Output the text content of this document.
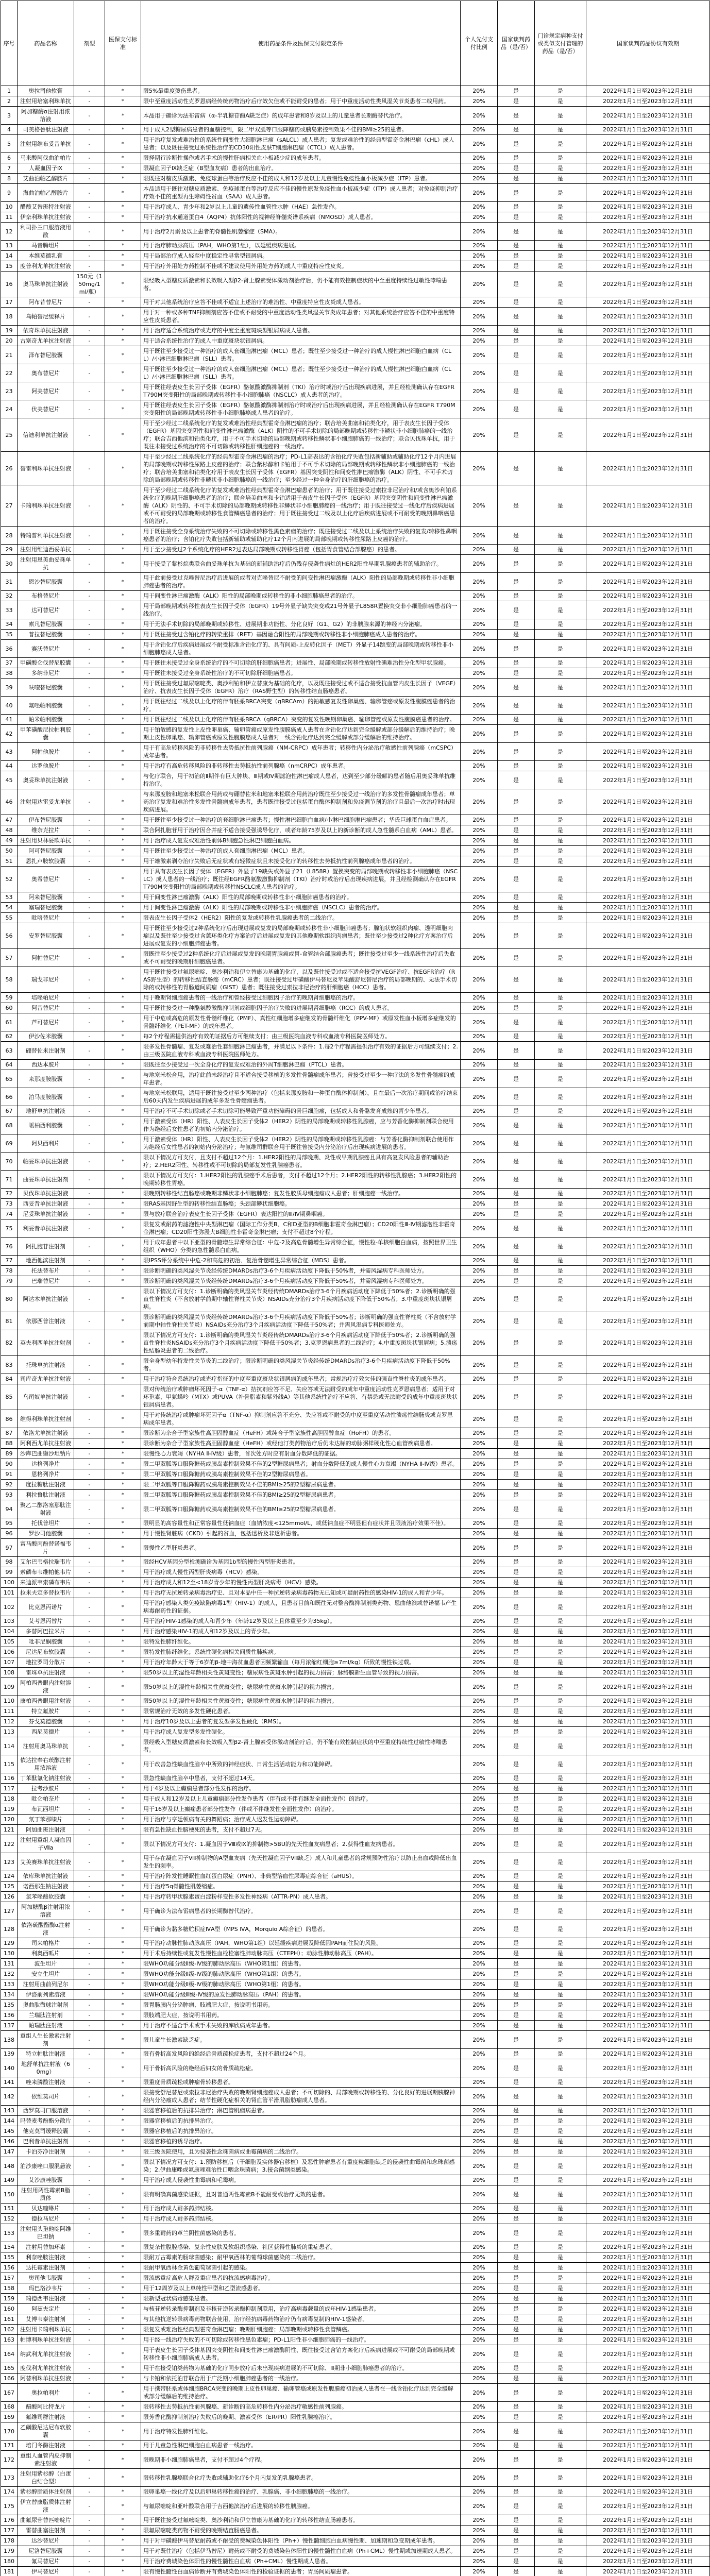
序号	药品名称	剂型	医保支付标准	使用药品条件及医保支付限定条件	个人先付支付比例	国家谈判药品（是/否）	门诊规定病种支付或类似支付管理的药品（是/否）	国家谈判药品协议有效期
1	奥拉司他软膏	-	*	限5%最重度烫伤患者。	20%	是	是	2022年1月1日至2023年12月31日
2	注射用培塞利珠单抗	-	*	限中至重度活动性克罗恩病经传统药物治疗后疗效欠佳或不能耐受的患者；用于中重度活动性类风湿关节炎患者二线用药。	20%	是	是	2022年1月1日至2023年12月31日
3	阿加糖酶α注射用浓溶液	-	*	本品用于确诊为法布雷病（α-半乳糖苷酶A缺乏症）的成年患者和8岁及以上的儿童患者长期酶替代治疗。	20%	是	是	2022年1月1日至2023年12月31日
4	司美格鲁肽注射液	-	*	用于成人2型糖尿病患者的血糖控制，限二甲双胍等口服降糖药或胰岛素控制效果不佳的BMI≥25的患者。	20%	是	是	2022年1月1日至2023年12月31日
5	注射用维布妥昔单抗	-	*	用于治疗复发或难治性的系统性间变性大细胞淋巴瘤（sALCL）成人患者；复发或难治性的经典型霍奇金淋巴瘤（cHL）成人患者；以及既往接受过系统性治疗的CD30阳性皮肤T细胞淋巴瘤（CTCL）成人患者。	20%	是	是	2022年1月1日至2023年12月31日
6	马来酸阿伐曲泊帕片	-	*	限择期行诊断性操作或者手术的慢性肝病相关血小板减少症的成年患者。	20%	是	是	2022年1月1日至2023年12月31日
7	人凝血因子Ⅸ	-	*	限凝血因子Ⅸ缺乏症（B型血友病）患者的出血治疗。	20%	是	是	2022年1月1日至2023年12月31日
8	艾曲泊帕乙醇胺片	-	*	限既往对糖皮质激素、免疫球蛋白等治疗反应不佳的成人和12岁及以上儿童慢性免疫性血小板减少症（ITP）患者。	20%	是	是	2022年1月1日至2023年12月31日
9	海曲泊帕乙醇胺片	-	*	本品适用于既往对糖皮质激素、免疫球蛋白等治疗反应不佳的慢性原发免疫性血小板减少症（ITP）成人患者；对免疫抑制治疗疗效不佳的重型再生障碍性贫血（SAA）成人患者。	20%	是	是	2022年1月1日至2023年12月31日
10	醋酸艾替班特注射液	-	*	用于治疗成人、青少年和2岁以上儿童的遗传性血管性水肿（HAE）急性发作。	20%	是	是	2022年1月1日至2023年12月31日
11	伊奈利珠单抗注射液	-	*	用于治疗抗水通道蛋白4（AQP4）抗体阳性的视神经脊髓炎谱系疾病（NMOSD）成人患者。	20%	是	是	2022年1月1日至2023年12月31日
12	利司扑兰口服溶液用散	-	*	用于治疗2月龄及以上患者的脊髓性肌萎缩症（SMA）。	20%	是	是	2022年1月1日至2023年12月31日
13	马昔腾坦片	-	*	用于治疗肺动脉高压（PAH，WHO第1组），以延缓疾病进展。	20%	是	是	2022年1月1日至2023年12月31日
14	本维莫德乳膏	-	*	用于局部治疗成人轻至中度稳定性寻常型银屑病。	20%	是	是	2022年1月1日至2023年12月31日
15	度普利尤单抗注射液	-	*	用于治疗外用处方药控制不佳或不建议使用外用处方药的成人中重度特应性皮炎。	20%	是	是	2022年1月1日至2023年12月31日
16	奥马珠单抗注射液	150元（150mg/1ml/瓶）	*	限经吸入型糖皮质激素和长效吸入型β2-肾上腺素受体激动剂治疗后，仍不能有效控制症状的中至重度持续性过敏性哮喘患者。	20%	是	是	2022年1月1日至2023年12月31日
17	阿布昔替尼片	-	*	用于对其他系统治疗应答不佳或不适宜上述治疗的难治性、中重度特应性皮炎成人患者。	20%	是	是	2022年1月1日至2023年12月31日
18	乌帕替尼缓释片	-	*	用于对一种或多种TNF抑制剂应答不佳或不耐受的中重度活动性类风湿关节炎成年患者；对其他系统治疗应答不佳的中重度特应性皮炎患者。	20%	是	是	2022年1月1日至2023年12月31日
19	依奇珠单抗注射液	-	*	用于治疗适合系统治疗或光疗的中度至重度斑块型银屑病成人患者。	20%	是	是	2022年1月1日至2023年12月31日
20	古塞奇尤单抗注射液	-	*	用于适合系统性治疗的成人中重度斑块状银屑病。	20%	是	是	2022年1月1日至2023年12月31日
21	泽布替尼胶囊	-	*	用于既往至少接受过一种治疗的成人套细胞淋巴瘤（MCL）患者；既往至少接受过一种治疗的成人慢性淋巴细胞白血病（CLL）/小淋巴细胞淋巴瘤（SLL）患者。	20%	是	是	2022年1月1日至2023年12月31日
22	奥布替尼片	-	*	用于既往至少接受过一种治疗的成人套细胞淋巴瘤（MCL）患者；既往至少接受过一种治疗的成人慢性淋巴细胞白血病（CLL）/小淋巴细胞淋巴瘤（SLL）患者。	20%	是	是	2022年1月1日至2023年12月31日
23	阿美替尼片	-	*	用于既往经表皮生长因子受体（EGFR）酪氨酸激酶抑制剂（TKI）治疗时或治疗后出现疾病进展，并且经检测确认存在EGFR T790M突变阳性的局部晚期或转移性非小细胞肺癌（NSCLC）成人患者的治疗。	20%	是	是	2022年1月1日至2023年12月31日
24	伏美替尼片	-	*	用于既往经表皮生长因子受体（EGFR）酪氨酸激酶抑制剂治疗时或治疗后出现疾病进展，并且经检测确认存在EGFR T790M突变阳性的局部晚期或转移性非小细胞肺癌成人患者的治疗。	20%	是	是	2022年1月1日至2023年12月31日
25	信迪利单抗注射液	-	*	用于至少经过二线系统化疗的复发或难治性经典型霍奇金淋巴瘤的治疗；联合培美曲塞和铂类化疗，用于表皮生长因子受体（EGFR）基因突变阴性和间变性淋巴瘤激酶（ALK）阴性的不可手术切除的局部晚期或转移性非鳞状非小细胞肺癌的一线治疗；联合吉西他滨和铂类化疗，用于不可手术切除的局部晚期或转移性鳞状非小细胞肺癌的一线治疗；联合贝伐珠单抗，用于既往未接受过系统治疗的不可切除或转移性肝细胞癌的一线治疗。	20%	是	是	2022年1月1日至2023年12月31日
26	替雷利珠单抗注射液	-	*	用于至少经过二线系统化疗的经典型霍奇金淋巴瘤的治疗；PD-L1高表达的含铂化疗失败包括新辅助或辅助化疗12个月内进展的局部晚期或转移性尿路上皮癌的治疗；联合紫杉醇和卡铂用于不可手术切除的局部晚期或转移性鳞状非小细胞肺癌的一线治疗；联合培美曲塞和铂类化疗用于表皮生长因子受体（EGFR）基因突变阴性和间变性淋巴瘤激酶（ALK）阴性、不可手术切除的局部晚期或转移性非鳞状非小细胞肺癌的一线治疗；至少经过一种全身治疗的肝细胞癌的治疗。	20%	是	是	2022年1月1日至2023年12月31日
27	卡瑞利珠单抗注射液	-	*	用于至少经过二线系统化疗的复发或难治性经典型霍奇金淋巴瘤患者的治疗；用于既往接受过索拉非尼治疗和/或含奥沙利铂系统化疗的晚期肝细胞癌患者的治疗；联合培美曲塞和卡铂适用于表皮生长因子受体（EGFR）基因突变阴性和间变性淋巴瘤激酶（ALK）阴性的、不可手术切除的局部晚期或转移性非鳞状非小细胞肺癌的一线治疗；用于既往接受过一线化疗后疾病进展或不可耐受的局部晚期或转移性食管鳞癌患者的治疗；用于既往接受过二线及以上化疗后疾病进展或不可耐受的晚期鼻咽癌患者的治疗。	20%	是	是	2022年1月1日至2023年12月31日
28	特瑞普利单抗注射液	-	*	用于既往接受全身系统治疗失败的不可切除或转移性黑色素瘤的治疗；既往接受过二线及以上系统治疗失败的复发/转移性鼻咽癌患者的治疗；含铂化疗失败包括新辅助或辅助化疗12个月内进展的局部晚期或转移性尿路上皮癌的治疗。	20%	是	是	2022年1月1日至2023年12月31日
29	注射用维迪西妥单抗	-	*	用于至少接受过2个系统化疗的HER2过表达局部晚期或转移性胃癌（包括胃食管结合部腺癌）的患者。	20%	是	是	2022年1月1日至2023年12月31日
30	注射用恩美曲妥珠单抗	-	*	用于接受了紫杉烷类联合曲妥珠单抗为基础的新辅助治疗后仍残存侵袭性病灶的HER2阳性早期乳腺癌患者的辅助治疗。	20%	是	是	2022年1月1日至2023年12月31日
31	恩沙替尼胶囊	-	*	用于此前接受过克唑替尼治疗后进展的或者对克唑替尼不耐受的间变性淋巴瘤激酶（ALK）阳性的局部晚期或转移性非小细胞肺癌患者的治疗。	20%	是	是	2022年1月1日至2023年12月31日
32	布格替尼片	-	*	用于间变性淋巴瘤激酶（ALK）阳性的局部晚期或转移性的非小细胞肺癌患者的治疗。	20%	是	是	2022年1月1日至2023年12月31日
33	达可替尼片	-	*	用于局部晚期或转移性表皮生长因子受体（EGFR）19号外显子缺失突变或21号外显子L858R置换突变非小细胞肺癌患者的一线治疗。	20%	是	是	2022年1月1日至2023年12月31日
34	索凡替尼胶囊	-	*	用于无法手术切除的局部晚期或转移性、进展期非功能性、分化良好（G1、G2）的非胰腺来源的神经内分泌瘤。	20%	是	是	2022年1月1日至2023年12月31日
35	普拉替尼胶囊	-	*	用于既往接受过含铂化疗的转染重排（RET）基因融合阳性的局部晚期或转移性非小细胞肺癌成人患者的治疗。	20%	是	是	2022年1月1日至2023年12月31日
36	赛沃替尼片	-	*	用于含铂化疗后疾病进展或不耐受标准含铂化疗的、具有间质-上皮转化因子（MET）外显子14跳变的局部晚期或转移性非小细胞肺癌成人患者。	20%	是	是	2022年1月1日至2023年12月31日
37	甲磺酸仑伐替尼胶囊	-	*	用于既往未接受过全身系统治疗的不可切除的肝细胞癌患者；进展性、局部晚期或转移性放射性碘难治性分化型甲状腺癌。	20%	是	是	2022年1月1日至2023年12月31日
38	多纳非尼片	-	*	用于既往未接受过全身系统性治疗的不可切除肝细胞癌患者。	20%	是	是	2022年1月1日至2023年12月31日
39	呋喹替尼胶囊	-	*	用于既往接受过氟尿嘧啶类、奥沙利铂和伊立替康为基础的化疗，以及既往接受过或不适合接受抗血管内皮生长因子（VEGF）治疗、抗表皮生长因子受体（EGFR）治疗（RAS野生型）的转移性结直肠癌患者。	20%	是	是	2022年1月1日至2023年12月31日
40	氟唑帕利胶囊	-	*	用于既往经过二线及以上化疗的伴有胚系BRCA突变（gBRCAm）的铂敏感复发性卵巢癌、输卵管癌或原发性腹膜癌患者的治疗。	20%	是	是	2022年1月1日至2023年12月31日
41	帕米帕利胶囊	-	*	用于既往经过二线及以上化疗的伴有胚系BRCA（gBRCA）突变的复发性晚期卵巢癌、输卵管癌或原发性腹膜癌患者的治疗。	20%	是	是	2022年1月1日至2023年12月31日
42	甲苯磺酸尼拉帕利胶囊	-	*	用于铂敏感的复发性上皮性卵巢癌、输卵管癌或原发性腹膜癌成人患者在含铂化疗达到完全缓解或部分缓解后的维持治疗；晚期上皮性卵巢癌、输卵管癌或原发性腹膜癌成人患者对一线含铂化疗达到完全缓解或部分缓解后的维持治疗。	20%	是	是	2022年1月1日至2023年12月31日
43	阿帕他胺片	-	*	用于有高危转移风险的非转移性去势抵抗性前列腺癌（NM-CRPC）成年患者；转移性内分泌治疗敏感性前列腺癌（mCSPC）成年患者。	20%	是	是	2022年1月1日至2023年12月31日
44	达罗他胺片	-	*	用于治疗有高危转移风险的非转移性去势抵抗性前列腺癌（nmCRPC）成年患者。	20%	是	是	2022年1月1日至2023年12月31日
45	奥妥珠单抗注射液	-	*	与化疗联合，用于初治的Ⅱ期伴有巨大肿块、Ⅲ期或Ⅳ期滤泡性淋巴瘤成人患者，达到至少部分缓解的患者随后用奥妥珠单抗维持治疗。	20%	是	是	2022年1月1日至2023年12月31日
46	注射用达雷妥尤单抗	-	*	与来那度胺和地塞米松联合用药或与硼替佐米和地塞米松联合用药治疗既往至少接受过一线治疗的多发性骨髓瘤成年患者；单药治疗复发和难治性多发性骨髓瘤成年患者，患者既往接受过包括蛋白酶体抑制剂和免疫调节剂的治疗且最后一次治疗时出现疾病进展。	20%	是	是	2022年1月1日至2023年12月31日
47	伊布替尼胶囊	-	*	用于既往至少接受过一种治疗的套细胞淋巴瘤患者；慢性淋巴细胞白血病/小淋巴细胞淋巴瘤患者；华氏巨球蛋白血症患者。	20%	是	是	2022年1月1日至2023年12月31日
48	维奈克拉片	-	*	联合阿扎胞苷用于治疗因合并症不适合接受强诱导化疗，或者年龄75岁及以上的新诊断的成人急性髓系白血病（AML）患者。	20%	是	是	2022年1月1日至2023年12月31日
49	注射用贝林妥欧单抗	-	*	用于治疗成人复发或难治性前体B细胞急性淋巴细胞白血病。	20%	是	是	2022年1月1日至2023年12月31日
50	阿可替尼胶囊	-	*	用于既往至少接受过一种治疗的成人套细胞淋巴瘤（MCL）患者。	20%	是	是	2022年1月1日至2023年12月31日
51	恩扎卢胺软胶囊	-	*	用于雄激素剥夺治疗失败后无症状或有轻微症状且未接受化疗的转移性去势抵抗性前列腺癌成年患者的治疗。	20%	是	是	2022年1月1日至2023年12月31日
52	奥希替尼片	-	*	用于具有表皮生长因子受体（EGFR）外显子19缺失或外显子21（L858R）置换突变的局部晚期或转移性非小细胞肺癌（NSCLC）成人患者的一线治疗；既往经EGFR酪氨酸激酶抑制剂（TKI）治疗时或治疗后出现疾病进展，并且经检测确认存在EGFR T790M突变阳性的局部晚期或转移性NSCLC成人患者的治疗。	20%	是	是	2022年1月1日至2023年12月31日
53	阿来替尼胶囊	-	*	用于间变性淋巴瘤激酶（ALK）阳性的局部晚期或转移性非小细胞肺癌患者的治疗。	20%	是	是	2022年1月1日至2023年12月31日
54	塞瑞替尼胶囊	-	*	用于间变性淋巴瘤激酶（ALK）阳性的局部晚期或转移性非小细胞肺癌（NSCLC）患者的治疗。	20%	是	是	2022年1月1日至2023年12月31日
55	吡咯替尼片	-	*	限表皮生长因子受体2（HER2）阳性的复发或转移性乳腺癌患者的二线治疗。	20%	是	是	2022年1月1日至2023年12月31日
56	安罗替尼胶囊	-	*	用于既往至少接受过2种系统化疗后出现进展或复发的局部晚期或转移性非小细胞肺癌患者；腺泡状软组织肉瘤、透明细胞肉瘤以及既往至少接受过含蒽环类化疗方案治疗后进展或复发的其他晚期软组织肉瘤患者；既往至少接受过2种化疗方案治疗后进展或复发的小细胞肺癌患者。	20%	是	是	2022年1月1日至2023年12月31日
57	阿帕替尼片	-	*	限既往至少接受过2种系统化疗后进展或复发的晚期胃腺癌或胃-食管结合部腺癌患者；既往接受过至少一线系统性治疗后失败或不可耐受的晚期肝细胞癌患者。	20%	是	是	2022年1月1日至2023年12月31日
58	瑞戈非尼片	-	*	用于既往接受过氟尿嘧啶、奥沙利铂和伊立替康为基础的化疗，以及既往接受过或不适合接受抗VEGF治疗、抗EGFR治疗（RAS野生型）的转移性结直肠癌（mCRC）患者；既往接受过甲磺酸伊马替尼及苹果酸舒尼替尼治疗的局部晚期的、无法手术切除的或转移性的胃肠道间质瘤（GIST）患者；既往接受过索拉非尼治疗的肝细胞癌（HCC）患者。	20%	是	是	2022年1月1日至2023年12月31日
59	培唑帕尼片	-	*	用于晚期肾细胞癌患者的一线治疗和曾经接受过细胞因子治疗的晚期肾细胞癌的治疗。	20%	是	是	2022年1月1日至2023年12月31日
60	阿昔替尼片	-	*	用于既往接受过一种酪氨酸激酶抑制剂或细胞因子治疗失败的进展期肾细胞癌（RCC）的成人患者。	20%	是	是	2022年1月1日至2023年12月31日
61	芦可替尼片	-	*	用于中危或高危的原发性骨髓纤维化（PMF）、真性红细胞增多症继发的骨髓纤维化（PPV-MF）或原发性血小板增多症继发的骨髓纤维化（PET-MF）的成年患者。	20%	是	是	2022年1月1日至2023年12月31日
62	伊沙佐米胶囊	-	*	每2个疗程需提供治疗有效的证据后方可继续支付；由三级医院血液专科或血液专科医院医师处方。	20%	是	是	2022年1月1日至2023年12月31日
63	硼替佐米注射剂	-	*	限多发性骨髓瘤、复发或难治性套细胞淋巴瘤患者，并满足以下条件：1.每2个疗程需提供治疗有效的证据后方可继续支付；2.由三级医院血液专科或血液专科医院医师处方。	20%	是	是	2022年1月1日至2023年12月31日
64	西达本胺片	-	*	限既往至少接受过一次全身化疗的复发或难治的外周T细胞淋巴瘤（PTCL）患者。	20%	是	是	2022年1月1日至2023年12月31日
65	来那度胺胶囊	-	*	与地塞米松合用，治疗此前未经治疗且不适合接受移植的多发性骨髓瘤成年患者；曾接受过至少一种疗法的多发性骨髓瘤的成年患者。	20%	是	是	2022年1月1日至2023年12月31日
66	泊马度胺胶囊	-	*	与地塞米松联用，适用于既往接受过至少两种治疗（包括来那度胺和一种蛋白酶体抑制剂），且在最后一次治疗期间或治疗结束后60天内发生疾病进展的成年多发性骨髓瘤患者。	20%	是	是	2022年1月1日至2023年12月31日
67	地舒单抗注射液	-	*	用于治疗不可手术切除或者手术切除可能导致严重功能障碍的骨巨细胞瘤，包括成人和骨骼发育成熟的青少年患者。	20%	是	是	2022年1月1日至2023年12月31日
68	哌柏西利胶囊	-	*	用于激素受体（HR）阳性、人表皮生长因子受体2（HER2）阴性的局部晚期或转移性乳腺癌，应与芳香化酶抑制剂联合使用作为绝经后女性患者的初始内分泌治疗。	20%	是	是	2022年1月1日至2023年12月31日
69	阿贝西利片	-	*	用于激素受体（HR）阳性、人表皮生长因子受体2（HER2）阴性的局部晚期或转移性乳腺癌：与芳香化酶抑制剂联合使用作为绝经后女性患者的初始内分泌治疗；与氟维司群联合用于既往曾接受内分泌治疗后出现疾病进展的患者。	20%	是	是	2022年1月1日至2023年12月31日
70	帕妥珠单抗注射液	-	*	限以下情况方可支付，且支付不超过12个月：1.HER2阳性的局部晚期、炎性或早期乳腺癌且具有高复发风险患者的辅助治疗；2.HER2阳性、转移性或不可切除的局部复发性乳腺癌患者。	20%	是	是	2022年1月1日至2023年12月31日
71	曲妥珠单抗注射剂	-	*	限以下情况方可支付：1.HER2阳性的乳腺癌手术后患者，支付不超过12个月；2.HER2阳性的转移性乳腺癌；3.HER2阳性的晚期转移性胃癌。	20%	是	是	2022年1月1日至2023年12月31日
72	贝伐珠单抗注射液	-	*	限晚期转移性结直肠癌或晚期非鳞状非小细胞肺癌；复发性胶质母细胞瘤成人患者；肝细胞癌一线治疗。	20%	是	是	2022年1月1日至2023年12月31日
73	西妥昔单抗注射液	-	*	限RAS基因野生型的转移性结直肠癌；头颈部鳞状细胞癌。	20%	是	是	2022年1月1日至2023年12月31日
74	尼妥珠单抗注射液	-	*	限与放疗联合治疗表皮生长因子受体（EGFR）表达阳性的Ⅲ/Ⅳ期鼻咽癌。	20%	是	是	2022年1月1日至2023年12月31日
75	利妥昔单抗注射液	-	*	限复发或耐药的滤泡性中央型淋巴瘤（国际工作分类B、C和D亚型的B细胞非霍奇金淋巴瘤）；CD20阳性Ⅲ-Ⅳ期滤泡性非霍奇金淋巴瘤；CD20阳性弥漫大B细胞性非霍奇金淋巴瘤；支付不超过8个疗程。	20%	是	是	2022年1月1日至2023年12月31日
76	阿扎胞苷注射剂	-	*	用于成年患者中以下亚型的骨髓增生异常综合征：中危-2及高危骨髓增生异常综合征，慢性粒-单核细胞白血病，按照世界卫生组织（WHO）分类的急性髓系白血病。	20%	是	是	2022年1月1日至2023年12月31日
77	地西他滨注射剂	-	*	限IPSS评分系统中中危-2和高危的初治、复治骨髓增生异常综合征（MDS）患者。	20%	是	是	2022年1月1日至2023年12月31日
78	托法替布片	-	*	限诊断明确的类风湿关节炎经传统DMARDs治疗3-6个月疾病活动度下降低于50%者，并需风湿病专科医师处方。	20%	是	是	2022年1月1日至2023年12月31日
79	巴瑞替尼片	-	*	限诊断明确的类风湿关节炎经传统DMARDs治疗3-6个月疾病活动度下降低于50%者，并需风湿病专科医师处方。	20%	是	是	2022年1月1日至2023年12月31日
80	阿达木单抗注射液	-	*	限以下情况方可支付：1.诊断明确的类风湿关节炎经传统DMARDs治疗3-6个月疾病活动度下降低于50%者；2.诊断明确的强直性脊柱炎（不含放射学前期中轴性脊柱关节炎）NSAIDs充分治疗3个月疾病活动度下降低于50%者；3.中重度斑块状银屑病。	20%	是	是	2022年1月1日至2023年12月31日
81	依那西普注射液	-	*	限诊断明确的类风湿关节炎经传统DMARDs治疗3-6个月疾病活动度下降低于50%者；诊断明确的强直性脊柱炎（不含放射学前期中轴性脊柱关节炎）NSAIDs充分治疗3个月疾病活动度下降低于50%者；并需风湿病专科医师处方。	20%	是	是	2022年1月1日至2023年12月31日
82	英夫利西单抗注射剂	-	*	限以下情况方可支付：1.诊断明确的类风湿关节炎经传统DMARDs治疗3-6个月疾病活动度下降低于50%者；2.诊断明确的强直性脊柱炎NSAIDs充分治疗3个月疾病活动度下降低于50%者；3.克罗恩病患者的二线治疗；4.中重度斑块状银屑病；5.溃疡性结肠炎患者的二线治疗。	20%	是	是	2022年1月1日至2023年12月31日
83	托珠单抗注射液	-	*	限全身型幼年特发性关节炎的二线治疗；限诊断明确的类风湿关节炎经传统DMARDs治疗3-6个月疾病活动度下降低于50%者。	20%	是	是	2022年1月1日至2023年12月31日
84	司库奇尤单抗注射液	-	*	用于治疗符合系统治疗或光疗指征的中度至重度斑块状银屑病的成年患者；常规治疗疗效欠佳的强直性脊柱炎的成年患者。	20%	是	是	2022年1月1日至2023年12月31日
85	乌司奴单抗注射液	-	*	限对传统治疗或肿瘤坏死因子-α（TNF-α）拮抗剂应答不足、失应答或无法耐受的成年中重度活动性克罗恩病患者；适用于对环孢素、甲氨蝶呤（MTX）或PUVA（补骨脂素和紫外线A）等其他系统性治疗不应答、有禁忌或无法耐受的成年中重度斑块状银屑病患者。	20%	是	是	2022年1月1日至2023年12月31日
86	维得利珠单抗注射剂	-	*	用于对传统治疗或肿瘤坏死因子α（TNF-α）抑制剂应答不充分、失应答或不耐受的中度至重度活动性溃疡性结肠炎或克罗恩病成年患者。	20%	是	是	2022年1月1日至2023年12月31日
87	依洛尤单抗注射液	-	*	限诊断为杂合子型家族性高胆固醇血症（HeFH）或纯合子型家族性高胆固醇血症（HoFH）的患者。	20%	是	是	2022年1月1日至2023年12月31日
88	阿利西尤单抗注射液	-	*	限诊断为杂合子型家族性高胆固醇血症（HeFH）或经他汀类药物治疗后仍未达标的动脉粥样硬化性心血管疾病患者。	20%	是	是	2022年1月1日至2023年12月31日
89	沙库巴曲缬沙坦钠片	-	*	限慢性心力衰竭（NYHA Ⅱ-Ⅳ级）患者，首次处方时应有射血分数降低的证据。	20%	是	是	2022年1月1日至2023年12月31日
90	达格列净片	-	*	限二甲双胍等口服降糖药或胰岛素控制效果不佳的2型糖尿病患者；射血分数降低的成人慢性心力衰竭（NYHA Ⅱ-Ⅳ级）患者。	20%	是	是	2022年1月1日至2023年12月31日
91	恩格列净片	-	*	限二甲双胍等口服降糖药或胰岛素控制效果不佳的2型糖尿病患者。	20%	是	是	2022年1月1日至2023年12月31日
92	度拉糖肽注射液	-	*	限二甲双胍等口服降糖药或胰岛素控制效果不佳的BMI≥25的2型糖尿病患者。	20%	是	是	2022年1月1日至2023年12月31日
93	利拉鲁肽注射液	-	*	限二甲双胍等口服降糖药或胰岛素控制效果不佳的BMI≥25的2型糖尿病患者。	20%	是	是	2022年1月1日至2023年12月31日
94	聚乙二醇洛塞那肽注射液	-	*	限二甲双胍等口服降糖药或胰岛素控制效果不佳的BMI≥25的2型糖尿病患者。	20%	是	是	2022年1月1日至2023年12月31日
95	托伐普坦片	-	*	限明显的高容量性和正常容量性低钠血症（血钠浓度<125mmol/L，或低钠血症不明显但有症状并且限液治疗效果不佳）。	20%	是	是	2022年1月1日至2023年12月31日
96	罗沙司他胶囊	-	*	用于慢性肾脏病（CKD）引起的贫血，包括透析及非透析患者。	20%	是	是	2022年1月1日至2023年12月31日
97	富马酸丙酚替诺福韦片	-	*	限慢性乙型肝炎患者。	20%	是	是	2022年1月1日至2023年12月31日
98	艾尔巴韦格拉瑞韦片	-	*	限经HCV基因分型检测确诊为基因1b型的慢性丙型肝炎患者。	20%	是	是	2022年1月1日至2023年12月31日
99	索磷布韦维帕他韦片	-	*	用于治疗成人慢性丙型肝炎病毒（HCV）感染。	20%	是	是	2022年1月1日至2023年12月31日
100	来迪派韦索磷布韦片	-	*	用于治疗成人和12至<18岁青少年的慢性丙型肝炎病毒（HCV）感染。	20%	是	是	2022年1月1日至2023年12月31日
101	拉米夫定多替拉韦片	-	*	用于治疗无抗逆转录病毒治疗史、且对本品中任一种抗逆转录病毒药物无已知或可疑耐药性的感染HIV-1的成人和青少年。	20%	是	是	2022年1月1日至2023年12月31日
102	比克恩丙诺片	-	*	用于治疗感染人类免疫缺陷病毒1型（HIV-1）的成人，且患者目前和既往无对整合酶抑制剂类药物、恩曲他滨或替诺福韦产生病毒耐药性的证据。	20%	是	是	2022年1月1日至2023年12月31日
103	艾考恩丙替片	-	*	用于治疗HIV-1感染的成人和青少年（年龄12岁及以上且体重至少为35kg）。	20%	是	是	2022年1月1日至2023年12月31日
104	多替阿巴拉米片	-	*	用于治疗感染HIV-1的成人和12岁及以上的青少年。	20%	是	是	2022年1月1日至2023年12月31日
105	吡非尼酮胶囊	-	*	限特发性肺纤维化。	20%	是	是	2022年1月1日至2023年12月31日
106	尼达尼布软胶囊	-	*	限特发性肺纤维化；系统性硬化病相关间质性肺疾病。	20%	是	是	2022年1月1日至2023年12月31日
107	地拉罗司分散片	-	*	用于治疗年龄大于等于6岁的β-地中海贫血患者因频繁输血（每月浓缩红细胞≥7ml/kg）所致的慢性铁过载。	20%	是	是	2022年1月1日至2023年12月31日
108	雷珠单抗注射液	-	*	限50岁以上的湿性年龄相关性黄斑变性；糖尿病性黄斑水肿引起的视力损害；脉络膜新生血管导致的视力损害。	20%	是	是	2022年1月1日至2023年12月31日
109	阿柏西普眼内注射溶液	-	*	限50岁以上的湿性年龄相关性黄斑变性；糖尿病性黄斑水肿引起的视力损害。	20%	是	是	2022年1月1日至2023年12月31日
110	康柏西普眼用注射液	-	*	限50岁以上的湿性年龄相关性黄斑变性；糖尿病性黄斑水肿引起的视力损害。	20%	是	是	2022年1月1日至2023年12月31日
111	特立氟胺片	-	*	限常规治疗无效的多发性硬化患者。	20%	是	是	2022年1月1日至2023年12月31日
112	芬戈莫德胶囊	-	*	用于治疗10岁及以上患者的复发型多发性硬化（RMS）。	20%	是	是	2022年1月1日至2023年12月31日
113	西尼莫德片	-	*	用于治疗成人复发型多发性硬化。	20%	是	是	2022年1月1日至2023年12月31日
114	注射用奥马珠单抗	-	*	限经吸入型糖皮质激素和长效吸入型β2-肾上腺素受体激动剂治疗后，仍不能有效控制症状的中至重度持续性过敏性哮喘患者。	20%	是	是	2022年1月1日至2023年12月31日
115	依达拉奉右莰醇注射用浓溶液	-	*	用于改善急性缺血性脑卒中所致的神经症状、日常生活活动能力和功能障碍。	20%	是	是	2022年1月1日至2023年12月31日
116	丁苯酞氯化钠注射液	-	*	限急性缺血性脑卒中患者，支付不超过14天。	20%	是	是	2022年1月1日至2023年12月31日
117	拉考沙胺片	-	*	用于4岁及以上癫痫患者部分性发作的治疗。	20%	是	是	2022年1月1日至2023年12月31日
118	吡仑帕奈片	-	*	用于成人和12岁及以上儿童癫痫部分性发作患者（伴有或不伴有继发全面性发作）的治疗。	20%	是	是	2022年1月1日至2023年12月31日
119	布瓦西坦片	-	*	用于16岁及以上癫痫患者部分性发作（伴或不伴继发性全面性发作）的治疗。	20%	是	是	2022年1月1日至2023年12月31日
120	氘丁苯那嗪片	-	*	用于治疗与亨廷顿病有关的舞蹈病；治疗成人迟发性运动障碍。	20%	是	是	2022年1月1日至2023年12月31日
121	阿加曲班注射液	-	*	限有急性缺血性脑梗死的患者，支付不超过7天。	20%	是	是	2022年1月1日至2023年12月31日
122	注射用重组人凝血因子Ⅶa	-	*	限以下情况方可支付：1.凝血因子Ⅷ或Ⅸ的抑制物>5BU的先天性血友病患者；2.获得性血友病患者。	20%	是	是	2022年1月1日至2023年12月31日
123	艾美赛珠单抗注射液	-	*	用于存在凝血因子Ⅷ抑制物的A型血友病（先天性凝血因子Ⅷ缺乏）成人和儿童患者的常规预防性治疗以防止出血或降低出血发生的频率。	20%	是	是	2022年1月1日至2023年12月31日
124	依库珠单抗注射液	-	*	用于治疗阵发性睡眠性血红蛋白尿症（PNH）、非典型溶血性尿毒症综合征（aHUS）。	20%	是	是	2022年1月1日至2023年12月31日
125	诺西那生钠注射液	-	*	用于治疗5q脊髓性肌萎缩症。	20%	是	是	2022年1月1日至2023年12月31日
126	氯苯唑酸软胶囊	-	*	用于治疗转甲状腺素蛋白淀粉样变性多发性神经病（ATTR-PN）成人患者。	20%	是	是	2022年1月1日至2023年12月31日
127	阿加糖酶β注射用浓溶液	-	*	用于确诊为法布雷病患者的长期酶替代治疗。	20%	是	是	2022年1月1日至2023年12月31日
128	依洛硫酸酯酶α注射液	-	*	用于确诊为黏多糖贮积症ⅣA型（MPS ⅣA，Morquio A综合征）的患者。	20%	是	是	2022年1月1日至2023年12月31日
129	司来帕格片	-	*	用于治疗动脉性肺动脉高压（PAH，WHO第1组）以延缓疾病进展及降低因PAH而住院的风险。	20%	是	是	2022年1月1日至2023年12月31日
130	利奥西呱片	-	*	用于术后持续性或复发性慢性血栓栓塞性肺动脉高压（CTEPH）；动脉性肺动脉高压（PAH）。	20%	是	是	2022年1月1日至2023年12月31日
131	波生坦片	-	*	限WHO功能分级Ⅱ级-Ⅳ级的肺动脉高压（WHO第1组）的患者。	20%	是	是	2022年1月1日至2023年12月31日
132	安立生坦片	-	*	限WHO功能分级Ⅱ级-Ⅳ级的肺动脉高压（WHO第1组）的患者。	20%	是	是	2022年1月1日至2023年12月31日
133	注射用曲前列尼尔	-	*	限WHO功能分级Ⅱ级-Ⅳ级的肺动脉高压（WHO第1组）的患者。	20%	是	是	2022年1月1日至2023年12月31日
134	伊洛前列素溶液	-	*	限WHO功能分级Ⅲ级-Ⅳ级的原发性肺动脉高压（PAH）的患者。	20%	是	是	2022年1月1日至2023年12月31日
135	奥曲肽微球注射剂	-	*	限胃肠胰内分泌肿瘤、肢端肥大症，按说明书用药。	20%	是	是	2022年1月1日至2023年12月31日
136	兰瑞肽注射剂	-	*	限肢端肥大症，按说明书用药。	20%	是	是	2022年1月1日至2023年12月31日
137	帕瑞肽注射液	-	*	用于治疗不适合手术或手术失败的库欣病成年患者。	20%	是	是	2022年1月1日至2023年12月31日
138	重组人生长激素注射剂	-	*	限儿童生长激素缺乏症。	20%	是	是	2022年1月1日至2023年12月31日
139	特立帕肽注射液	-	*	限有骨折高发风险的绝经后骨质疏松症患者，支付不超过24个月。	20%	是	是	2022年1月1日至2023年12月31日
140	地舒单抗注射液（60mg）	-	*	用于骨折高风险的绝经后妇女的骨质疏松症。	20%	是	是	2022年1月1日至2023年12月31日
141	唑来膦酸注射液	-	*	限重度骨质疏松或肿瘤骨转移患者。	20%	是	是	2022年1月1日至2023年12月31日
142	依维莫司片	-	*	限接受舒尼替尼或索拉非尼治疗失败的晚期肾细胞癌成人患者；不可切除的、局部晚期或转移性的、分化良好的进展期胰腺神经内分泌瘤成人患者；结节性硬化症相关的肾血管平滑肌脂肪瘤成人患者。	20%	是	是	2022年1月1日至2023年12月31日
143	西罗莫司口服溶液	-	*	限器官移植后的抗排异治疗；淋巴管肌瘤病患者。	20%	是	是	2022年1月1日至2023年12月31日
144	吗替麦考酚酯分散片	-	*	限器官移植后的抗排异治疗。	20%	是	是	2022年1月1日至2023年12月31日
145	他克莫司缓释胶囊	-	*	限器官移植后的抗排异治疗。	20%	是	是	2022年1月1日至2023年12月31日
146	巴利昔单抗注射剂	-	*	限器官移植的诱导治疗。	20%	是	是	2022年1月1日至2023年12月31日
147	卡泊芬净注射剂	-	*	限三级医院使用，且为侵袭性念珠菌病或曲霉菌病的二线治疗。	20%	是	是	2022年1月1日至2023年12月31日
148	泊沙康唑口服混悬液	-	*	限以下情况方可支付：1.预防移植后（干细胞及实体器官移植）及恶性肿瘤患者有重度粒细胞缺乏的侵袭性曲霉菌和念珠菌感染；2.伊曲康唑或氟康唑难治性口咽念珠菌病；3.接合菌纲类感染。	20%	是	是	2022年1月1日至2023年12月31日
149	艾沙康唑胶囊	-	*	用于治疗成人侵袭性曲霉病和毛霉病。	20%	是	是	2022年1月1日至2023年12月31日
150	注射用两性霉素B脂质体	-	*	限有明确真菌感染证据，且对普通两性霉素B不能耐受或治疗无效的患者。	20%	是	是	2022年1月1日至2023年12月31日
151	贝达喹啉片	-	*	用于治疗成人耐多药肺结核。	20%	是	是	2022年1月1日至2023年12月31日
152	德拉马尼片	-	*	用于治疗成人耐多药肺结核。	20%	是	是	2022年1月1日至2023年12月31日
153	注射用头孢他啶阿维巴坦钠	-	*	限多重耐药的革兰阴性菌感染的患者。	20%	是	是	2022年1月1日至2023年12月31日
154	注射用替加环素	-	*	限复杂性腹腔感染、复杂性皮肤及软组织感染、社区获得性肺炎的重症患者。	20%	是	是	2022年1月1日至2023年12月31日
155	利奈唑胺注射液	-	*	限耐万古霉素的肠球菌感染；耐甲氧西林的葡萄球菌感染的二线治疗。	20%	是	是	2022年1月1日至2023年12月31日
156	达托霉素注射剂	-	*	限耐甲氧西林金黄色葡萄球菌引起的感染。	20%	是	是	2022年1月1日至2023年12月31日
157	奥司他韦胶囊	-	*	限流感重症高危人群及重症患者的抗流感病毒治疗。	20%	是	是	2022年1月1日至2023年12月31日
158	玛巴洛沙韦片	-	*	用于12周岁及以上单纯性甲型和乙型流感患者。	20%	是	是	2022年1月1日至2023年12月31日
159	瑞德西韦注射液	-	*	限新型冠状病毒感染患者。	20%	是	是	2022年1月1日至2023年12月31日
160	阿兹夫定片	-	*	与核苷逆转录酶抑制剂及非核苷逆转录酶抑制剂联用，治疗高病毒载量的成年HIV-1感染患者。	20%	是	是	2022年1月1日至2023年12月31日
161	艾博韦泰注射剂	-	*	与其他抗逆转录病毒药物联合使用，治疗经抗病毒药物治疗仍有病毒复制的HIV-1感染者。	20%	是	是	2022年1月1日至2023年12月31日
162	注射用卡瑞利珠单抗	-	*	限复发或难治性经典型霍奇金淋巴瘤；晚期肝细胞癌；局部晚期或转移性食管鳞癌。	20%	是	是	2022年1月1日至2023年12月31日
163	帕博利珠单抗注射液	-	*	用于经一线治疗失败的不可切除或转移性黑色素瘤；PD-L1阳性非小细胞肺癌的一线治疗。	20%	是	是	2022年1月1日至2023年12月31日
164	纳武利尤单抗注射液	-	*	用于表皮生长因子受体基因突变阴性和间变性淋巴瘤激酶阴性、既往接受过含铂方案化疗后疾病进展或不可耐受的局部晚期或转移性非小细胞肺癌成人患者。	20%	是	是	2022年1月1日至2023年12月31日
165	度伐利尤单抗注射液	-	*	用于在接受铂类药物为基础的化疗同步放疗后未出现疾病进展的不可切除、Ⅲ期非小细胞肺癌患者的治疗。	20%	是	是	2022年1月1日至2023年12月31日
166	阿替利珠单抗注射液	-	*	与卡铂和依托泊苷联合用于广泛期小细胞肺癌患者的一线治疗。	20%	是	是	2022年1月1日至2023年12月31日
167	奥拉帕利片	-	*	用于携带胚系或体细胞BRCA突变的晚期上皮性卵巢癌、输卵管癌或原发性腹膜癌初治成人患者在一线含铂化疗达到完全缓解或部分缓解后的维持治疗。	20%	是	是	2022年1月1日至2023年12月31日
168	醋酸阿比特龙片	-	*	限转移性去势抵抗性前列腺癌、新诊断的高危转移性内分泌治疗敏感性前列腺癌。	20%	是	是	2022年1月1日至2023年12月31日
169	氟维司群注射液	-	*	限芳香化酶抑制剂治疗失败后的晚期、激素受体（ER/PR）阳性乳腺癌治疗。	20%	是	是	2022年1月1日至2023年12月31日
170	乙磺酸尼达尼布软胶囊	-	*	用于治疗特发性肺纤维化。	20%	是	是	2022年1月1日至2023年12月31日
171	培门冬酶注射液	-	*	用于儿童急性淋巴细胞白血病患者一线治疗。	20%	是	是	2022年1月1日至2023年12月31日
172	重组人血管内皮抑制素注射液	-	*	限晚期非小细胞肺癌患者，支付不超过4个疗程。	20%	是	是	2022年1月1日至2023年12月31日
173	注射用紫杉醇（白蛋白结合型）	-	*	限转移性乳腺癌联合化疗失败或辅助化疗6个月内复发的乳腺癌患者。	20%	是	是	2022年1月1日至2023年12月31日
174	紫杉醇脂质体注射剂	-	*	限卵巢癌一线化疗及以后卵巢转移性癌的治疗、乳腺癌、非小细胞肺癌的一线治疗。	20%	是	是	2022年1月1日至2023年12月31日
175	伊立替康脂质体注射液	-	*	与氟尿嘧啶和亚叶酸联合用于吉西他滨治疗后进展的转移性胰腺癌。	20%	是	是	2022年1月1日至2023年12月31日
176	曲氟尿苷替匹嘧啶片	-	*	用于既往接受过氟嘧啶类、奥沙利铂和伊立替康为基础的化疗的转移性结直肠癌患者。	20%	是	是	2022年1月1日至2023年12月31日
177	雷替曲塞注射剂	-	*	限氟尿嘧啶类药物不耐受的晚期结直肠癌患者。	20%	是	是	2022年1月1日至2023年12月31日
178	达沙替尼片	-	*	用于对甲磺酸伊马替尼耐药或不耐受的费城染色体阳性（Ph+）慢性髓细胞白血病慢性期、加速期和急变期成年患者。	20%	是	是	2022年1月1日至2023年12月31日
179	尼洛替尼胶囊	-	*	用于对既往治疗（包括伊马替尼）耐药或不耐受的费城染色体阳性的慢性髓性白血病（Ph+CML）慢性期或加速期成人患者。	20%	是	是	2022年1月1日至2023年12月31日
180	氟马替尼片	-	*	用于治疗费城染色体阳性的慢性髓性白血病（Ph+CML）慢性期成人患者。	20%	是	是	2022年1月1日至2023年12月31日
181	伊马替尼片	-	*	限有慢性髓性白血病诊断并有费城染色体阳性的检验证据的患者；胃肠间质瘤患者。	20%	是	是	2022年1月1日至2023年12月31日
